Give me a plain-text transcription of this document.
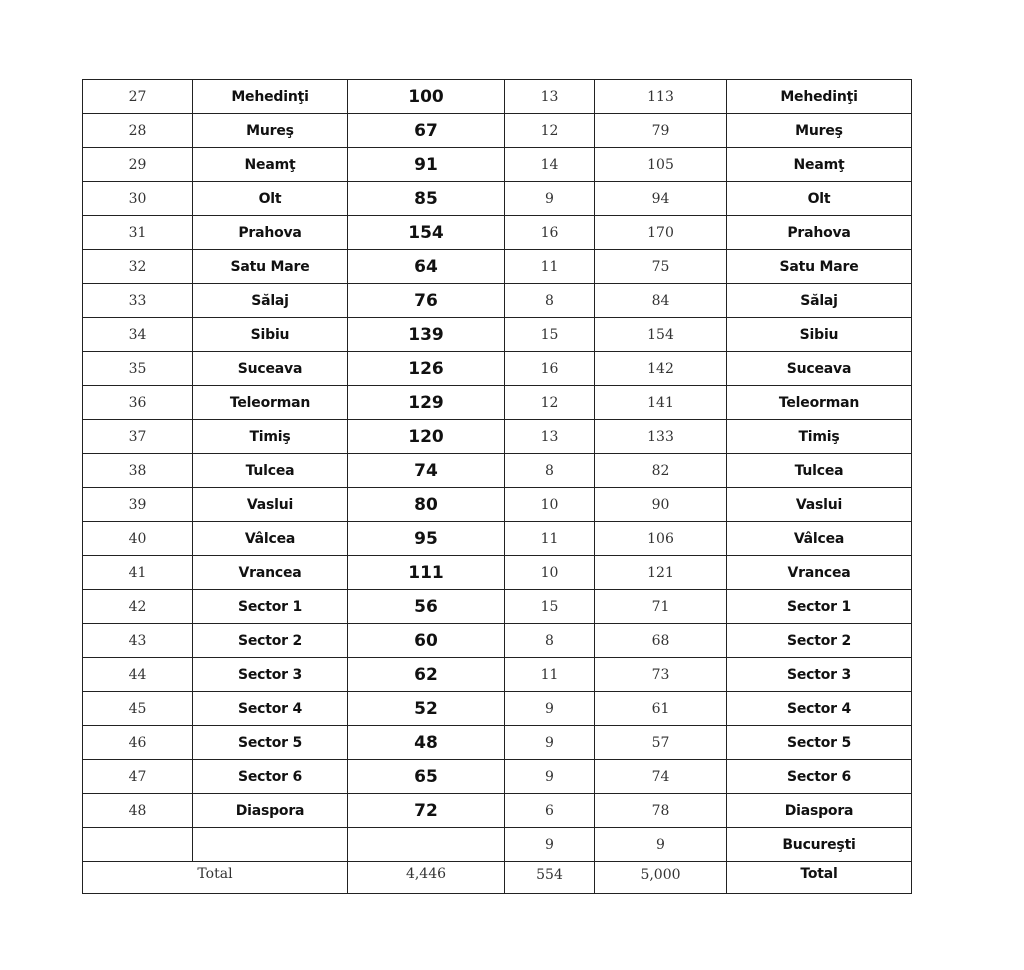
27	Mehedinţi	100	13	113	Mehedinţi
28	Mureş	67	12	79	Mureş
29	Neamţ	91	14	105	Neamţ
30	Olt	85	9	94	Olt
31	Prahova	154	16	170	Prahova
32	Satu Mare	64	11	75	Satu Mare
33	Sălaj	76	8	84	Sălaj
34	Sibiu	139	15	154	Sibiu
35	Suceava	126	16	142	Suceava
36	Teleorman	129	12	141	Teleorman
37	Timiş	120	13	133	Timiş
38	Tulcea	74	8	82	Tulcea
39	Vaslui	80	10	90	Vaslui
40	Vâlcea	95	11	106	Vâlcea
41	Vrancea	111	10	121	Vrancea
42	Sector 1	56	15	71	Sector 1
43	Sector 2	60	8	68	Sector 2
44	Sector 3	62	11	73	Sector 3
45	Sector 4	52	9	61	Sector 4
46	Sector 5	48	9	57	Sector 5
47	Sector 6	65	9	74	Sector 6
48	Diaspora	72	6	78	Diaspora
			9	9	Bucureşti
Total		4,446	554	5,000	Total
